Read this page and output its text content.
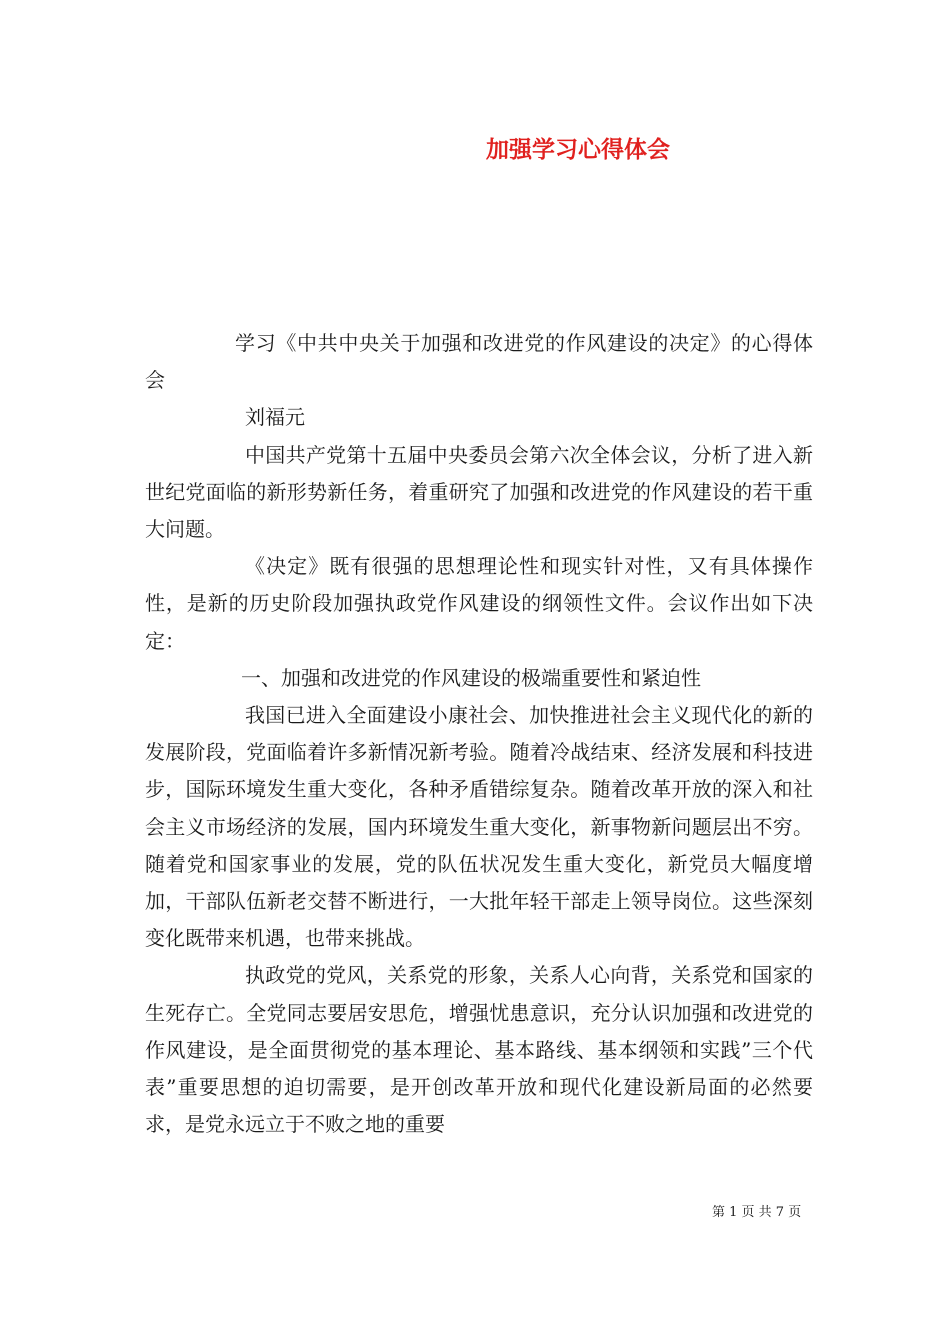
加强学习心得体会

学习《中共中央关于加强和改进党的作风建设的决定》的心得体会

刘福元

中国共产党第十五届中央委员会第六次全体会议，分析了进入新世纪党面临的新形势新任务，着重研究了加强和改进党的作风建设的若干重大问题。

《决定》既有很强的思想理论性和现实针对性，又有具体操作性，是新的历史阶段加强执政党作风建设的纲领性文件。会议作出如下决定：

一、加强和改进党的作风建设的极端重要性和紧迫性

我国已进入全面建设小康社会、加快推进社会主义现代化的新的发展阶段，党面临着许多新情况新考验。随着冷战结束、经济发展和科技进步，国际环境发生重大变化，各种矛盾错综复杂。随着改革开放的深入和社会主义市场经济的发展，国内环境发生重大变化，新事物新问题层出不穷。随着党和国家事业的发展，党的队伍状况发生重大变化，新党员大幅度增加，干部队伍新老交替不断进行，一大批年轻干部走上领导岗位。这些深刻变化既带来机遇，也带来挑战。

执政党的党风，关系党的形象，关系人心向背，关系党和国家的生死存亡。全党同志要居安思危，增强忧患意识，充分认识加强和改进党的作风建设，是全面贯彻党的基本理论、基本路线、基本纲领和实践”三个代表”重要思想的迫切需要，是开创改革开放和现代化建设新局面的必然要求，是党永远立于不败之地的重要

第 1 页 共 7 页
